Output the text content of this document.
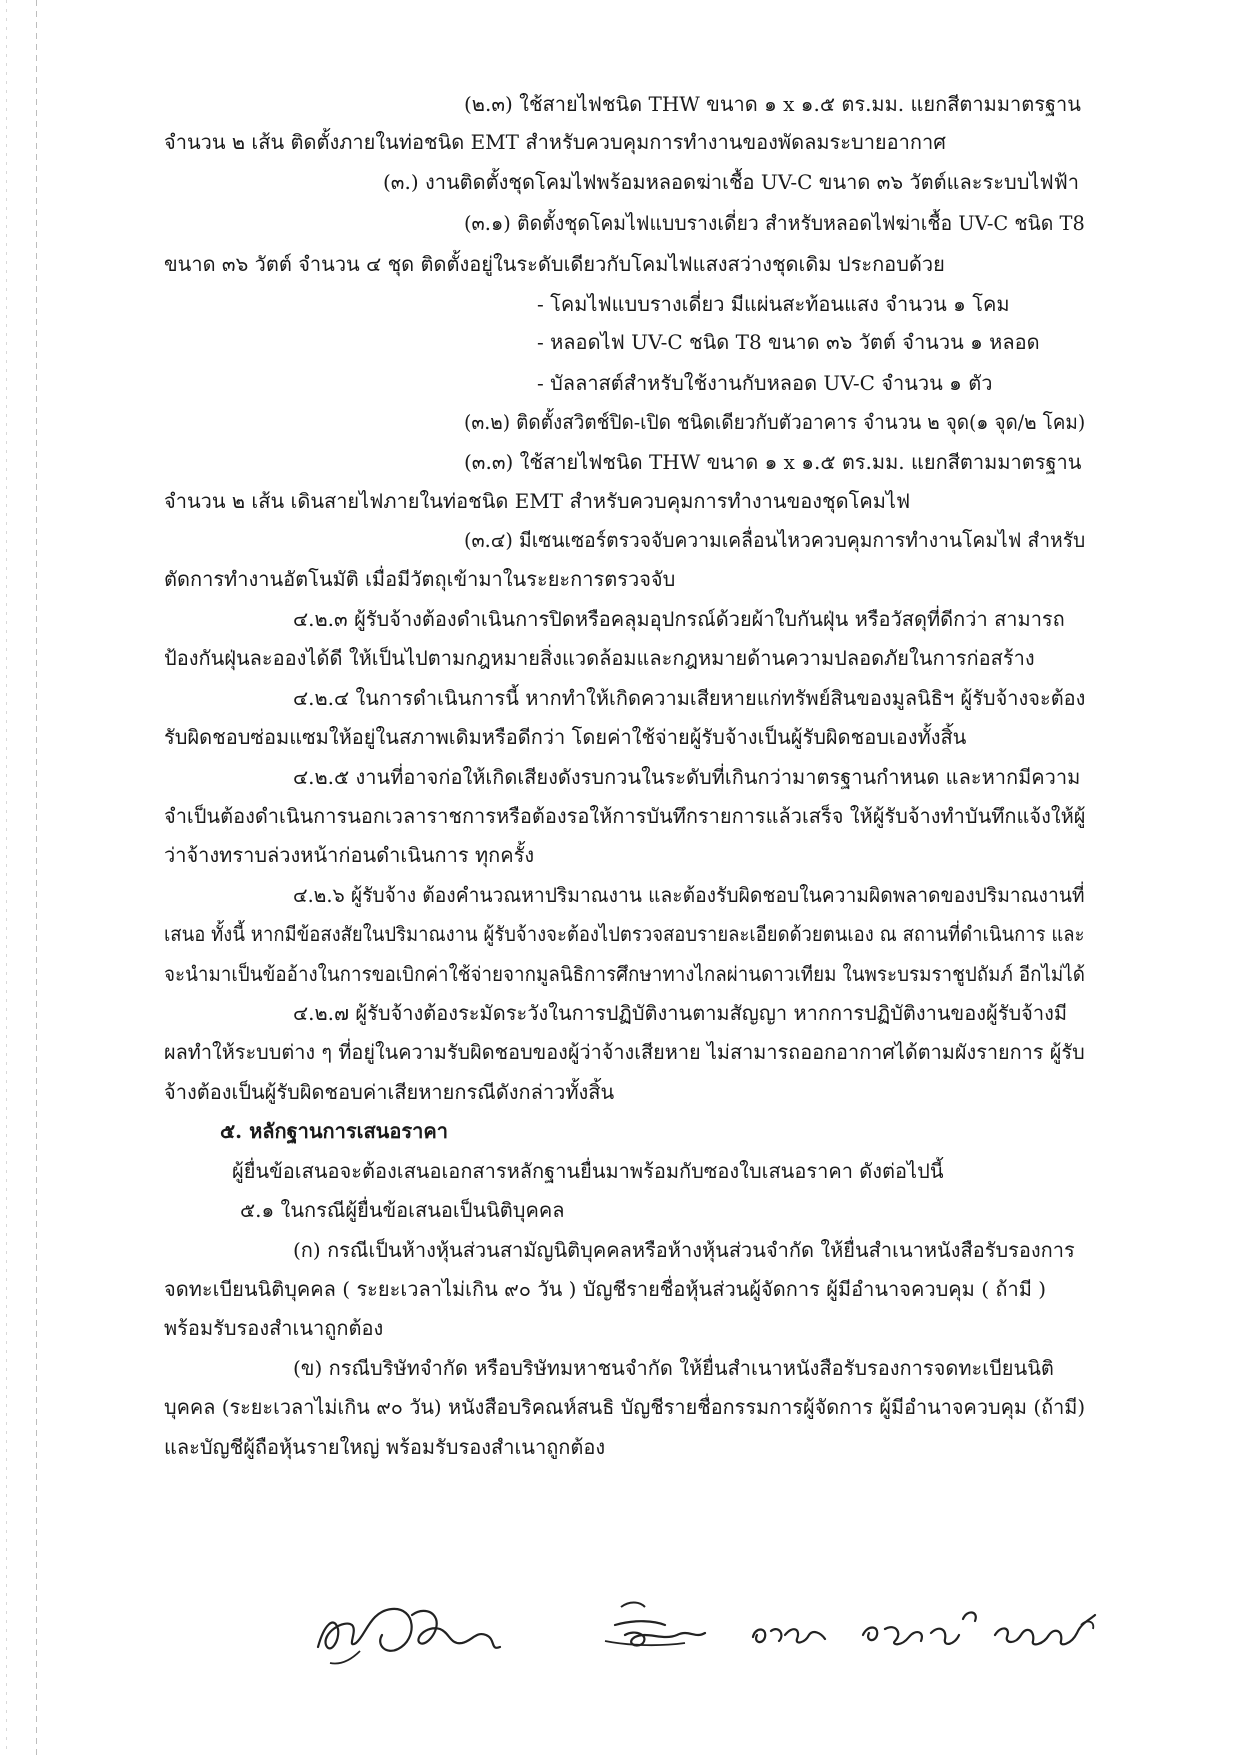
(๒.๓) ใช้สายไฟชนิด THW ขนาด ๑ x ๑.๕ ตร.มม. แยกสีตามมาตรฐาน
จำนวน ๒ เส้น ติดตั้งภายในท่อชนิด EMT สำหรับควบคุมการทำงานของพัดลมระบายอากาศ
(๓.) งานติดตั้งชุดโคมไฟพร้อมหลอดฆ่าเชื้อ UV-C ขนาด ๓๖ วัตต์และระบบไฟฟ้า
(๓.๑) ติดตั้งชุดโคมไฟแบบรางเดี่ยว สำหรับหลอดไฟฆ่าเชื้อ UV-C ชนิด T8
ขนาด ๓๖ วัตต์ จำนวน ๔ ชุด ติดตั้งอยู่ในระดับเดียวกับโคมไฟแสงสว่างชุดเดิม ประกอบด้วย
- โคมไฟแบบรางเดี่ยว มีแผ่นสะท้อนแสง จำนวน ๑ โคม
- หลอดไฟ UV-C ชนิด T8 ขนาด ๓๖ วัตต์ จำนวน ๑ หลอด
- บัลลาสต์สำหรับใช้งานกับหลอด UV-C จำนวน ๑ ตัว
(๓.๒) ติดตั้งสวิตช์ปิด-เปิด ชนิดเดียวกับตัวอาคาร จำนวน ๒ จุด(๑ จุด/๒ โคม)
(๓.๓) ใช้สายไฟชนิด THW ขนาด ๑ x ๑.๕ ตร.มม. แยกสีตามมาตรฐาน
จำนวน ๒ เส้น เดินสายไฟภายในท่อชนิด EMT สำหรับควบคุมการทำงานของชุดโคมไฟ
(๓.๔) มีเซนเซอร์ตรวจจับความเคลื่อนไหวควบคุมการทำงานโคมไฟ สำหรับ
ตัดการทำงานอัตโนมัติ เมื่อมีวัตถุเข้ามาในระยะการตรวจจับ
๔.๒.๓ ผู้รับจ้างต้องดำเนินการปิดหรือคลุมอุปกรณ์ด้วยผ้าใบกันฝุ่น หรือวัสดุที่ดีกว่า สามารถ
ป้องกันฝุ่นละอองได้ดี ให้เป็นไปตามกฎหมายสิ่งแวดล้อมและกฎหมายด้านความปลอดภัยในการก่อสร้าง
๔.๒.๔ ในการดำเนินการนี้ หากทำให้เกิดความเสียหายแก่ทรัพย์สินของมูลนิธิฯ ผู้รับจ้างจะต้อง
รับผิดชอบซ่อมแซมให้อยู่ในสภาพเดิมหรือดีกว่า โดยค่าใช้จ่ายผู้รับจ้างเป็นผู้รับผิดชอบเองทั้งสิ้น
๔.๒.๕ งานที่อาจก่อให้เกิดเสียงดังรบกวนในระดับที่เกินกว่ามาตรฐานกำหนด และหากมีความ
จำเป็นต้องดำเนินการนอกเวลาราชการหรือต้องรอให้การบันทึกรายการแล้วเสร็จ ให้ผู้รับจ้างทำบันทึกแจ้งให้ผู้
ว่าจ้างทราบล่วงหน้าก่อนดำเนินการ ทุกครั้ง
๔.๒.๖ ผู้รับจ้าง ต้องคำนวณหาปริมาณงาน และต้องรับผิดชอบในความผิดพลาดของปริมาณงานที่
เสนอ ทั้งนี้ หากมีข้อสงสัยในปริมาณงาน ผู้รับจ้างจะต้องไปตรวจสอบรายละเอียดด้วยตนเอง ณ สถานที่ดำเนินการ และ
จะนำมาเป็นข้ออ้างในการขอเบิกค่าใช้จ่ายจากมูลนิธิการศึกษาทางไกลผ่านดาวเทียม ในพระบรมราชูปถัมภ์ อีกไม่ได้
๔.๒.๗ ผู้รับจ้างต้องระมัดระวังในการปฏิบัติงานตามสัญญา หากการปฏิบัติงานของผู้รับจ้างมี
ผลทำให้ระบบต่าง ๆ ที่อยู่ในความรับผิดชอบของผู้ว่าจ้างเสียหาย ไม่สามารถออกอากาศได้ตามผังรายการ ผู้รับ
จ้างต้องเป็นผู้รับผิดชอบค่าเสียหายกรณีดังกล่าวทั้งสิ้น
๕. หลักฐานการเสนอราคา
ผู้ยื่นข้อเสนอจะต้องเสนอเอกสารหลักฐานยื่นมาพร้อมกับซองใบเสนอราคา ดังต่อไปนี้
๕.๑ ในกรณีผู้ยื่นข้อเสนอเป็นนิติบุคคล
(ก) กรณีเป็นห้างหุ้นส่วนสามัญนิติบุคคลหรือห้างหุ้นส่วนจำกัด ให้ยื่นสำเนาหนังสือรับรองการ
จดทะเบียนนิติบุคคล ( ระยะเวลาไม่เกิน ๙๐ วัน ) บัญชีรายชื่อหุ้นส่วนผู้จัดการ ผู้มีอำนาจควบคุม ( ถ้ามี )
พร้อมรับรองสำเนาถูกต้อง
(ข) กรณีบริษัทจำกัด หรือบริษัทมหาชนจำกัด ให้ยื่นสำเนาหนังสือรับรองการจดทะเบียนนิติ
บุคคล (ระยะเวลาไม่เกิน ๙๐ วัน) หนังสือบริคณห์สนธิ บัญชีรายชื่อกรรมการผู้จัดการ ผู้มีอำนาจควบคุม (ถ้ามี)
และบัญชีผู้ถือหุ้นรายใหญ่ พร้อมรับรองสำเนาถูกต้อง
